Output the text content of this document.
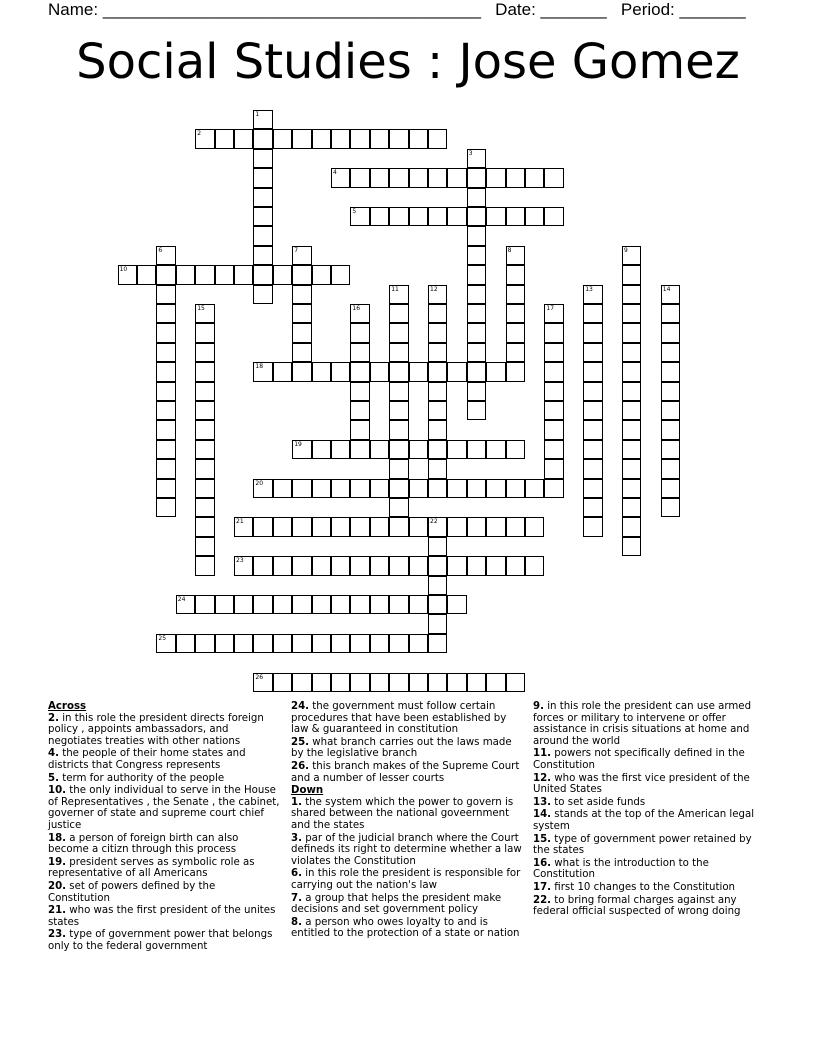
Name: ________________________________________ Date: _______ Period: _______
Social Studies : Jose Gomez
1
2
3
4
5
6	7	8	9
10
11	12	13	14
15	16	17
18
19
20
21	22
23
24
25
26
Across
2. in this role the president directs foreign policy , appoints ambassadors, and negotiates treaties with other nations
4. the people of their home states and districts that Congress represents
5. term for authority of the people
10. the only individual to serve in the House of Representatives , the Senate , the cabinet, governer of state and supreme court chief justice
18. a person of foreign birth can also become a citizn through this process
19. president serves as symbolic role as representative of all Americans
20. set of powers defined by the Constitution
21. who was the first president of the unites states
23. type of government power that belongs only to the federal government
24. the government must follow certain procedures that have been established by law & guaranteed in constitution
25. what branch carries out the laws made by the legislative branch
26. this branch makes of the Supreme Court and a number of lesser courts
Down
1. the system which the power to govern is shared between the national goveernment and the states
3. par of the judicial branch where the Court defineds its right to determine whether a law violates the Constitution
6. in this role the president is responsible for carrying out the nation's law
7. a group that helps the president make decisions and set government policy
8. a person who owes loyalty to and is entitled to the protection of a state or nation
9. in this role the president can use armed forces or military to intervene or offer assistance in crisis situations at home and around the world
11. powers not specifically defined in the Constitution
12. who was the first vice president of the United States
13. to set aside funds
14. stands at the top of the American legal system
15. type of government power retained by the states
16. what is the introduction to the Constitution
17. first 10 changes to the Constitution
22. to bring formal charges against any federal official suspected of wrong doing
